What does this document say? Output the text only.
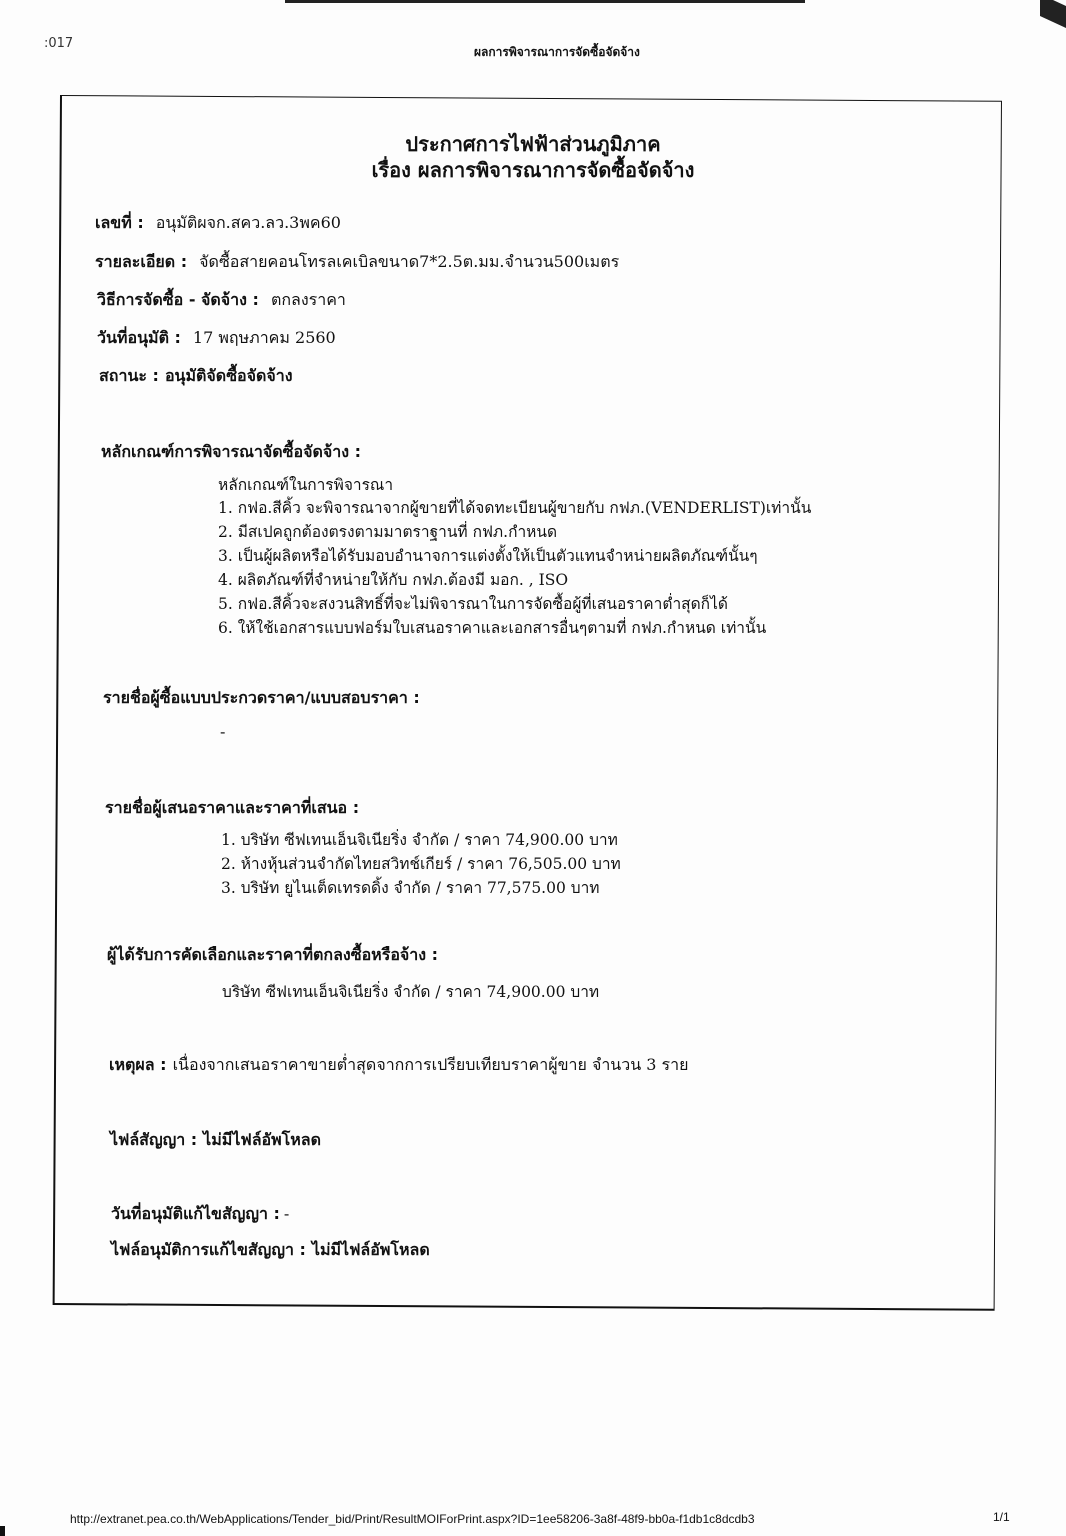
:017
ผลการพิจารณาการจัดซื้อจัดจ้าง
ประกาศการไฟฟ้าส่วนภูมิภาค
เรื่อง ผลการพิจารณาการจัดซื้อจัดจ้าง
เลขที่ : อนุมัติผจก.สคว.ลว.3พค60
รายละเอียด : จัดซื้อสายคอนโทรลเคเบิลขนาด7*2.5ต.มม.จำนวน500เมตร
วิธีการจัดซื้อ - จัดจ้าง : ตกลงราคา
วันที่อนุมัติ : 17 พฤษภาคม 2560
สถานะ : อนุมัติจัดซื้อจัดจ้าง
หลักเกณฑ์การพิจารณาจัดซื้อจัดจ้าง :
หลักเกณฑ์ในการพิจารณา
1. กฟอ.สีคิ้ว จะพิจารณาจากผู้ขายที่ได้จดทะเบียนผู้ขายกับ กฟภ.(VENDERLIST)เท่านั้น
2. มีสเปคถูกต้องตรงตามมาตราฐานที่ กฟภ.กำหนด
3. เป็นผู้ผลิตหรือได้รับมอบอำนาจการแต่งตั้งให้เป็นตัวแทนจำหน่ายผลิตภัณฑ์นั้นๆ
4. ผลิตภัณฑ์ที่จำหน่ายให้กับ กฟภ.ต้องมี มอก. , ISO
5. กฟอ.สีคิ้วจะสงวนสิทธิ์ที่จะไม่พิจารณาในการจัดซื้อผู้ที่เสนอราคาต่ำสุดก็ได้
6. ให้ใช้เอกสารแบบฟอร์มใบเสนอราคาและเอกสารอื่นๆตามที่ กฟภ.กำหนด เท่านั้น
รายชื่อผู้ซื้อแบบประกวดราคา/แบบสอบราคา :
-
รายชื่อผู้เสนอราคาและราคาที่เสนอ :
1. บริษัท ซีฟเทนเอ็นจิเนียริ่ง จำกัด / ราคา 74,900.00 บาท
2. ห้างหุ้นส่วนจำกัดไทยสวิทช์เกียร์ / ราคา 76,505.00 บาท
3. บริษัท ยูไนเต็ดเทรดดิ้ง จำกัด / ราคา 77,575.00 บาท
ผู้ได้รับการคัดเลือกและราคาที่ตกลงซื้อหรือจ้าง :
บริษัท ซีฟเทนเอ็นจิเนียริ่ง จำกัด / ราคา 74,900.00 บาท
เหตุผล : เนื่องจากเสนอราคาขายต่ำสุดจากการเปรียบเทียบราคาผู้ขาย จำนวน 3 ราย
ไฟล์สัญญา : ไม่มีไฟล์อัพโหลด
วันที่อนุมัติแก้ไขสัญญา : -
ไฟล์อนุมัติการแก้ไขสัญญา : ไม่มีไฟล์อัพโหลด
http://extranet.pea.co.th/WebApplications/Tender_bid/Print/ResultMOIForPrint.aspx?ID=1ee58206-3a8f-48f9-bb0a-f1db1c8dcdb3	1/1
